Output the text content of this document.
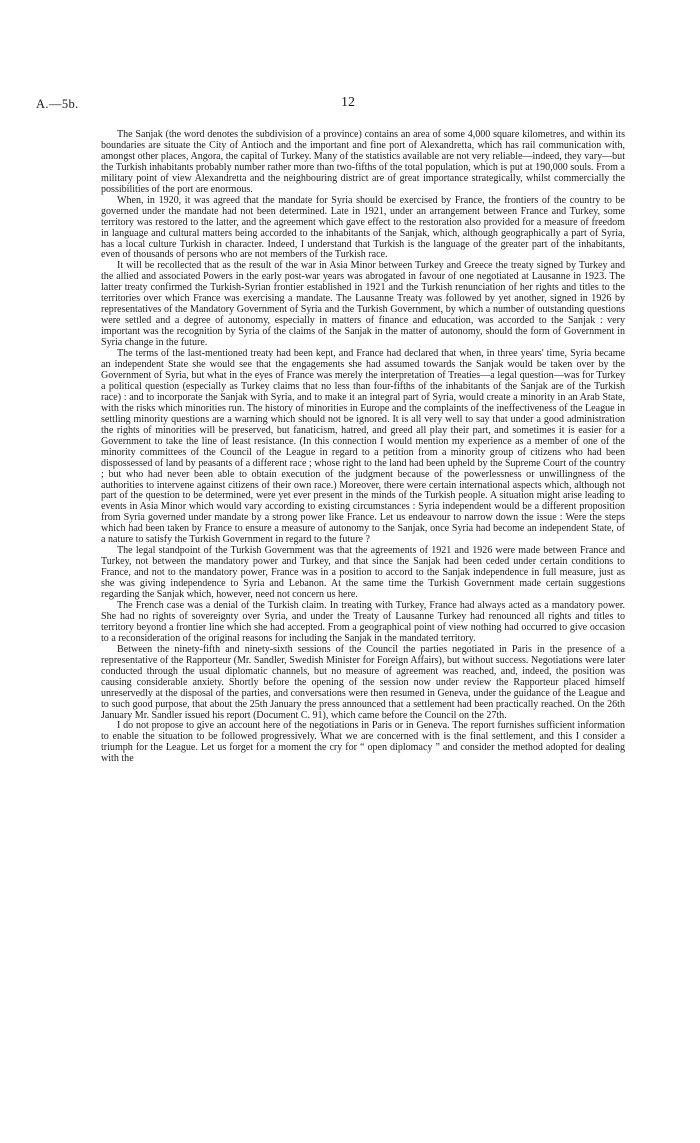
A.—5b.	12

The Sanjak (the word denotes the subdivision of a province) contains an area of some 4,000 square kilometres, and within its boundaries are situate the City of Antioch and the important and fine port of Alexandretta, which has rail communication with, amongst other places, Angora, the capital of Turkey. Many of the statistics available are not very reliable—indeed, they vary—but the Turkish inhabitants probably number rather more than two-fifths of the total population, which is put at 190,000 souls. From a military point of view Alexandretta and the neighbouring district are of great importance strategically, whilst commercially the possibilities of the port are enormous.

When, in 1920, it was agreed that the mandate for Syria should be exercised by France, the frontiers of the country to be governed under the mandate had not been determined. Late in 1921, under an arrangement between France and Turkey, some territory was restored to the latter, and the agreement which gave effect to the restoration also provided for a measure of freedom in language and cultural matters being accorded to the inhabitants of the Sanjak, which, although geographically a part of Syria, has a local culture Turkish in character. Indeed, I understand that Turkish is the language of the greater part of the inhabitants, even of thousands of persons who are not members of the Turkish race.

It will be recollected that as the result of the war in Asia Minor between Turkey and Greece the treaty signed by Turkey and the allied and associated Powers in the early post-war years was abrogated in favour of one negotiated at Lausanne in 1923. The latter treaty confirmed the Turkish-Syrian frontier established in 1921 and the Turkish renunciation of her rights and titles to the territories over which France was exercising a mandate. The Lausanne Treaty was followed by yet another, signed in 1926 by representatives of the Mandatory Government of Syria and the Turkish Government, by which a number of outstanding questions were settled and a degree of autonomy, especially in matters of finance and education, was accorded to the Sanjak : very important was the recognition by Syria of the claims of the Sanjak in the matter of autonomy, should the form of Government in Syria change in the future.

The terms of the last-mentioned treaty had been kept, and France had declared that when, in three years' time, Syria became an independent State she would see that the engagements she had assumed towards the Sanjak would be taken over by the Government of Syria, but what in the eyes of France was merely the interpretation of Treaties—a legal question—was for Turkey a political question (especially as Turkey claims that no less than four-fifths of the inhabitants of the Sanjak are of the Turkish race) : and to incorporate the Sanjak with Syria, and to make it an integral part of Syria, would create a minority in an Arab State, with the risks which minorities run. The history of minorities in Europe and the complaints of the ineffectiveness of the League in settling minority questions are a warning which should not be ignored. It is all very well to say that under a good administration the rights of minorities will be preserved, but fanaticism, hatred, and greed all play their part, and sometimes it is easier for a Government to take the line of least resistance. (In this connection I would mention my experience as a member of one of the minority committees of the Council of the League in regard to a petition from a minority group of citizens who had been dispossessed of land by peasants of a different race ; whose right to the land had been upheld by the Supreme Court of the country ; but who had never been able to obtain execution of the judgment because of the powerlessness or unwillingness of the authorities to intervene against citizens of their own race.) Moreover, there were certain international aspects which, although not part of the question to be determined, were yet ever present in the minds of the Turkish people. A situation might arise leading to events in Asia Minor which would vary according to existing circumstances : Syria independent would be a different proposition from Syria governed under mandate by a strong power like France. Let us endeavour to narrow down the issue : Were the steps which had been taken by France to ensure a measure of autonomy to the Sanjak, once Syria had become an independent State, of a nature to satisfy the Turkish Government in regard to the future ?

The legal standpoint of the Turkish Government was that the agreements of 1921 and 1926 were made between France and Turkey, not between the mandatory power and Turkey, and that since the Sanjak had been ceded under certain conditions to France, and not to the mandatory power, France was in a position to accord to the Sanjak independence in full measure, just as she was giving independence to Syria and Lebanon. At the same time the Turkish Government made certain suggestions regarding the Sanjak which, however, need not concern us here.

The French case was a denial of the Turkish claim. In treating with Turkey, France had always acted as a mandatory power. She had no rights of sovereignty over Syria, and under the Treaty of Lausanne Turkey had renounced all rights and titles to territory beyond a frontier line which she had accepted. From a geographical point of view nothing had occurred to give occasion to a reconsideration of the original reasons for including the Sanjak in the mandated territory.

Between the ninety-fifth and ninety-sixth sessions of the Council the parties negotiated in Paris in the presence of a representative of the Rapporteur (Mr. Sandler, Swedish Minister for Foreign Affairs), but without success. Negotiations were later conducted through the usual diplomatic channels, but no measure of agreement was reached, and, indeed, the position was causing considerable anxiety. Shortly before the opening of the session now under review the Rapporteur placed himself unreservedly at the disposal of the parties, and conversations were then resumed in Geneva, under the guidance of the League and to such good purpose, that about the 25th January the press announced that a settlement had been practically reached. On the 26th January Mr. Sandler issued his report (Document C. 91), which came before the Council on the 27th.

I do not propose to give an account here of the negotiations in Paris or in Geneva. The report furnishes sufficient information to enable the situation to be followed progressively. What we are concerned with is the final settlement, and this I consider a triumph for the League. Let us forget for a moment the cry for “ open diplomacy ” and consider the method adopted for dealing with the
